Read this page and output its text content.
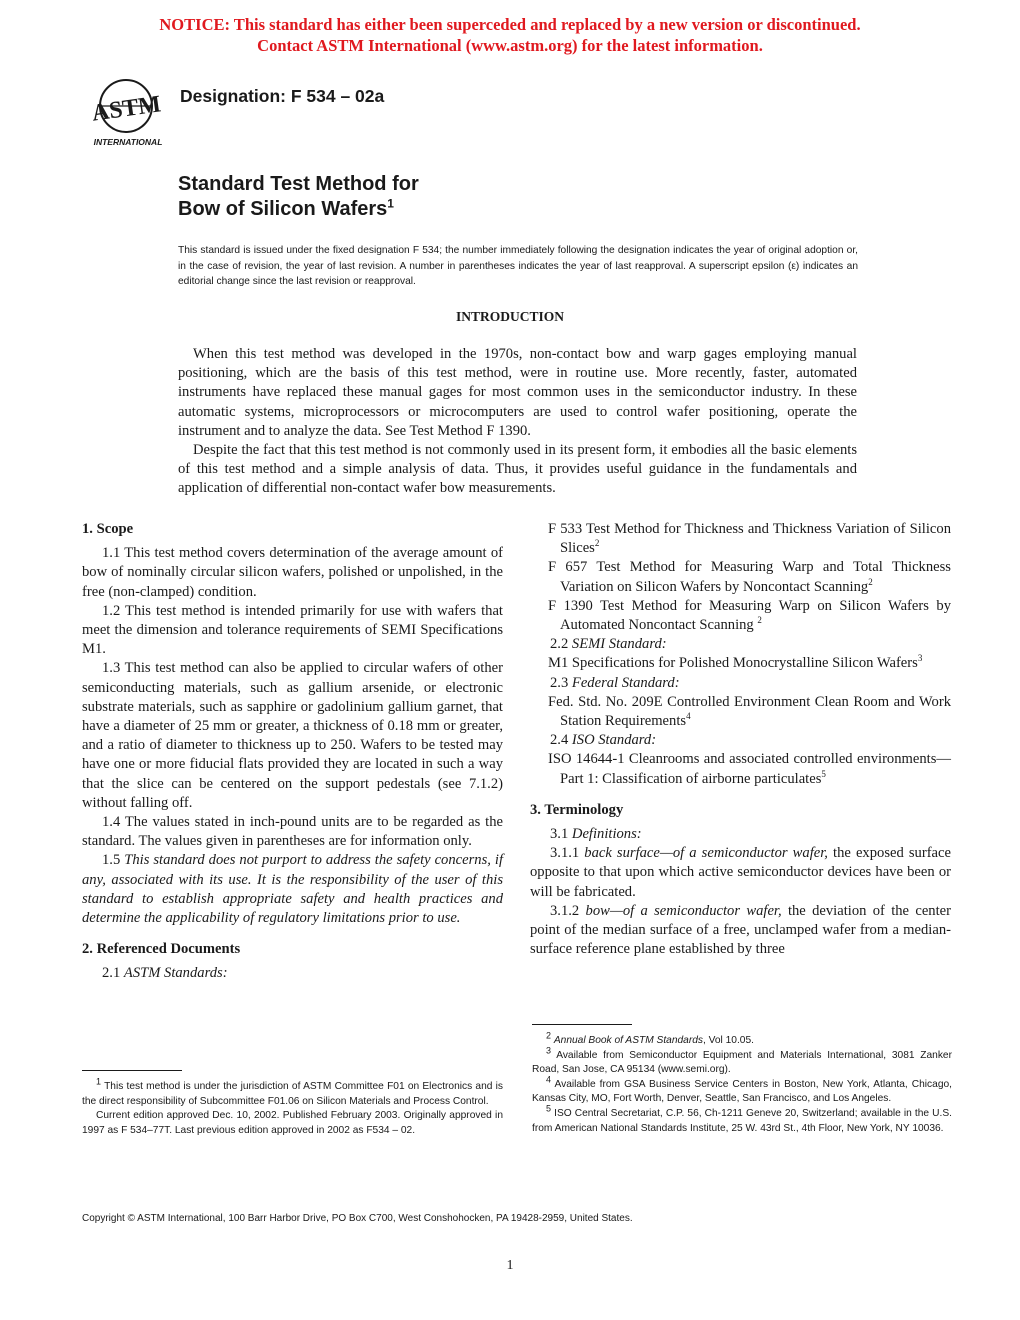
NOTICE: This standard has either been superceded and replaced by a new version or discontinued.
Contact ASTM International (www.astm.org) for the latest information.
ASTM
INTERNATIONAL
Designation: F 534 – 02a
Standard Test Method for
Bow of Silicon Wafers$^1$
This standard is issued under the fixed designation F 534; the number immediately following the designation indicates the year of original adoption or, in the case of revision, the year of last revision. A number in parentheses indicates the year of last reapproval. A superscript epsilon (ε) indicates an editorial change since the last revision or reapproval.
INTRODUCTION

When this test method was developed in the 1970s, non-contact bow and warp gages employing manual positioning, which are the basis of this test method, were in routine use. More recently, faster, automated instruments have replaced these manual gages for most common uses in the semiconductor industry. In these automatic systems, microprocessors or microcomputers are used to control wafer positioning, operate the instrument and to analyze the data. See Test Method F 1390.

Despite the fact that this test method is not commonly used in its present form, it embodies all the basic elements of this test method and a simple analysis of data. Thus, it provides useful guidance in the fundamentals and application of differential non-contact wafer bow measurements.

1. Scope

1.1 This test method covers determination of the average amount of bow of nominally circular silicon wafers, polished or unpolished, in the free (non-clamped) condition.

1.2 This test method is intended primarily for use with wafers that meet the dimension and tolerance requirements of SEMI Specifications M1.

1.3 This test method can also be applied to circular wafers of other semiconducting materials, such as gallium arsenide, or electronic substrate materials, such as sapphire or gadolinium gallium garnet, that have a diameter of 25 mm or greater, a thickness of 0.18 mm or greater, and a ratio of diameter to thickness up to 250. Wafers to be tested may have one or more fiducial flats provided they are located in such a way that the slice can be centered on the support pedestals (see 7.1.2) without falling off.

1.4 The values stated in inch-pound units are to be regarded as the standard. The values given in parentheses are for information only.

1.5 This standard does not purport to address the safety concerns, if any, associated with its use. It is the responsibility of the user of this standard to establish appropriate safety and health practices and determine the applicability of regulatory limitations prior to use.

2. Referenced Documents

2.1 ASTM Standards:

$^1$ This test method is under the jurisdiction of ASTM Committee F01 on Electronics and is the direct responsibility of Subcommittee F01.06 on Silicon Materials and Process Control.

Current edition approved Dec. 10, 2002. Published February 2003. Originally approved in 1997 as F 534–77T. Last previous edition approved in 2002 as F534 – 02.

F 533 Test Method for Thickness and Thickness Variation of Silicon Slices$^2$
F 657 Test Method for Measuring Warp and Total Thickness Variation on Silicon Wafers by Noncontact Scanning$^2$
F 1390 Test Method for Measuring Warp on Silicon Wafers by Automated Noncontact Scanning $^2$
2.2 SEMI Standard:
M1 Specifications for Polished Monocrystalline Silicon Wafers$^3$
2.3 Federal Standard:
Fed. Std. No. 209E Controlled Environment Clean Room and Work Station Requirements$^4$
2.4 ISO Standard:
ISO 14644-1 Cleanrooms and associated controlled environments—Part 1: Classification of airborne particulates$^5$
3. Terminology

3.1 Definitions:

3.1.1 back surface—of a semiconductor wafer, the exposed surface opposite to that upon which active semiconductor devices have been or will be fabricated.

3.1.2 bow—of a semiconductor wafer, the deviation of the center point of the median surface of a free, unclamped wafer from a median-surface reference plane established by three

$^2$ Annual Book of ASTM Standards, Vol 10.05.

$^3$ Available from Semiconductor Equipment and Materials International, 3081 Zanker Road, San Jose, CA 95134 (www.semi.org).

$^4$ Available from GSA Business Service Centers in Boston, New York, Atlanta, Chicago, Kansas City, MO, Fort Worth, Denver, Seattle, San Francisco, and Los Angeles.

$^5$ ISO Central Secretariat, C.P. 56, Ch-1211 Geneve 20, Switzerland; available in the U.S. from American National Standards Institute, 25 W. 43rd St., 4th Floor, New York, NY 10036.

Copyright © ASTM International, 100 Barr Harbor Drive, PO Box C700, West Conshohocken, PA 19428-2959, United States.
1
